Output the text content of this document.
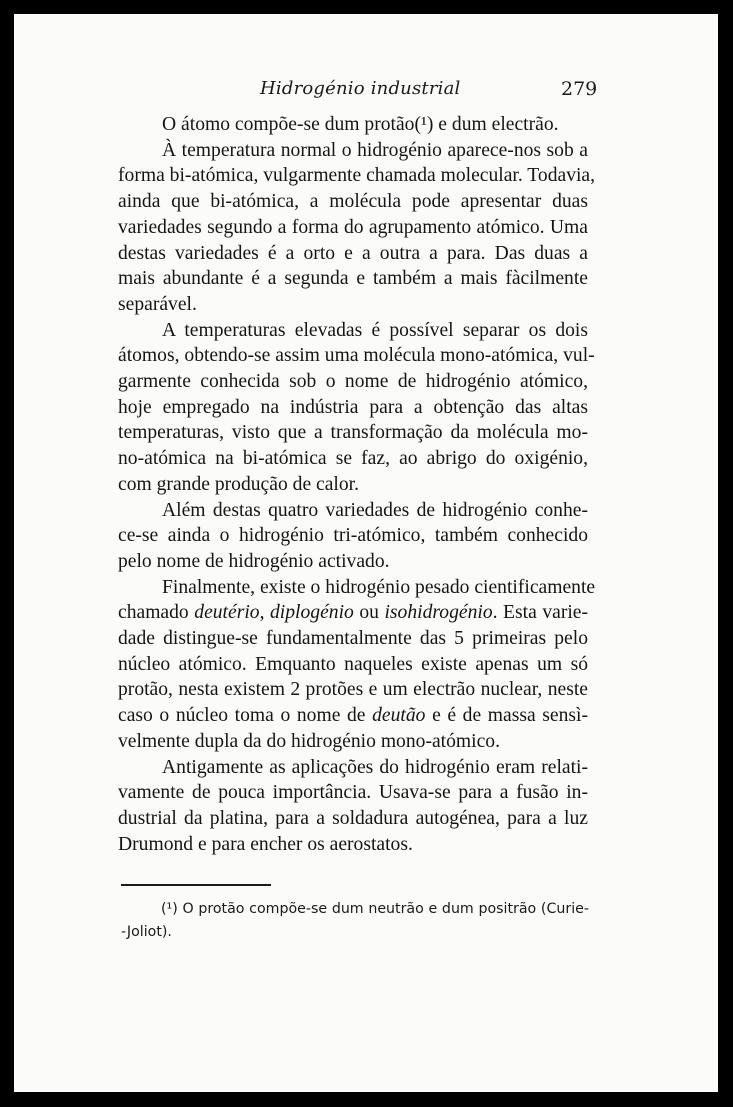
Hidrogénio industrial	279
O átomo compõe-se dum protão(¹) e dum electrão.
À temperatura normal o hidrogénio aparece-nos sob a
forma bi-atómica, vulgarmente chamada molecular. Todavia,
ainda que bi-atómica, a molécula pode apresentar duas
variedades segundo a forma do agrupamento atómico. Uma
destas variedades é a orto e a outra a para. Das duas a
mais abundante é a segunda e também a mais fàcilmente
separável.
A temperaturas elevadas é possível separar os dois
átomos, obtendo-se assim uma molécula mono-atómica, vul-
garmente conhecida sob o nome de hidrogénio atómico,
hoje empregado na indústria para a obtenção das altas
temperaturas, visto que a transformação da molécula mo-
no-atómica na bi-atómica se faz, ao abrigo do oxigénio,
com grande produção de calor.
Além destas quatro variedades de hidrogénio conhe-
ce-se ainda o hidrogénio tri-atómico, também conhecido
pelo nome de hidrogénio activado.
Finalmente, existe o hidrogénio pesado cientificamente
chamado deutério, diplogénio ou isohidrogénio. Esta varie-
dade distingue-se fundamentalmente das 5 primeiras pelo
núcleo atómico. Emquanto naqueles existe apenas um só
protão, nesta existem 2 protões e um electrão nuclear, neste
caso o núcleo toma o nome de deutão e é de massa sensì-
velmente dupla da do hidrogénio mono-atómico.
Antigamente as aplicações do hidrogénio eram relati-
vamente de pouca importância. Usava-se para a fusão in-
dustrial da platina, para a soldadura autogénea, para a luz
Drumond e para encher os aerostatos.
(¹) O protão compõe-se dum neutrão e dum positrão (Curie-
-Joliot).
